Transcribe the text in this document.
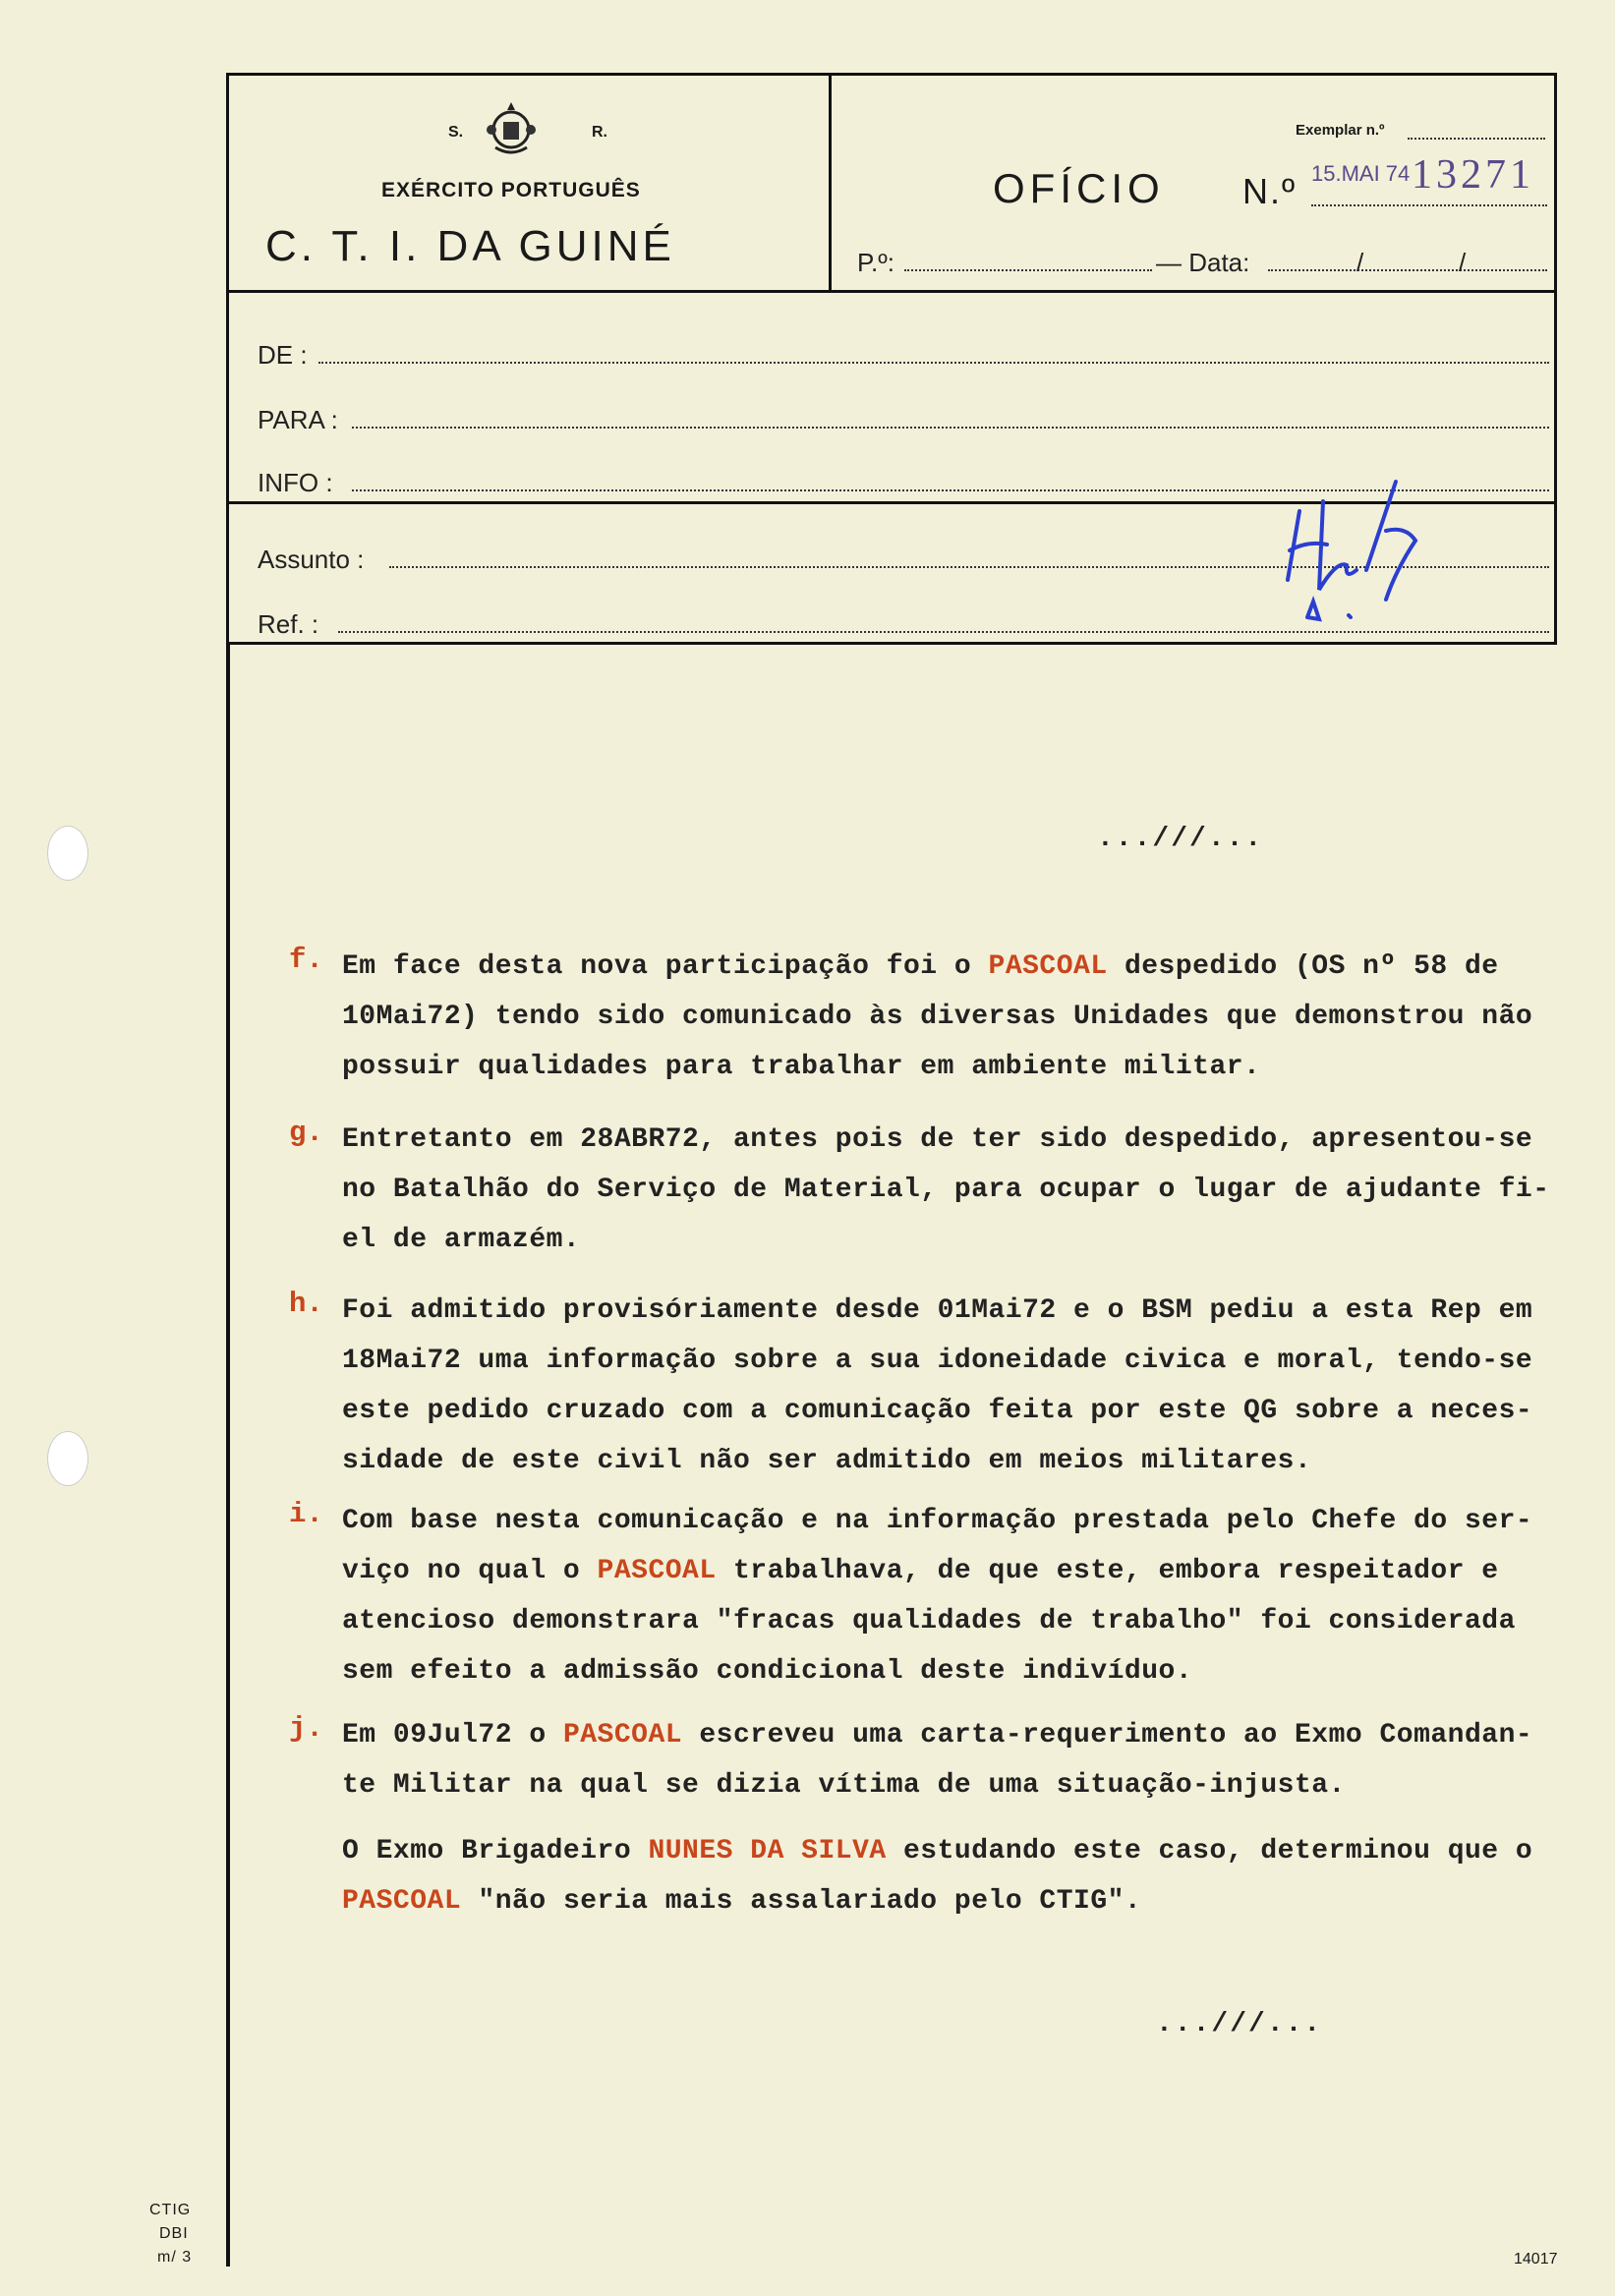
S.	R.
EXÉRCITO PORTUGUÊS
C. T. I. DA GUINÉ
Exemplar n.º
OFÍCIO N.º 15.MAI 74 13271
P.º:	— Data:	/	/
DE :
PARA :
INFO :
Assunto :
Ref. :
...///...
f. Em face desta nova participação foi o PASCOAL despedido (OS nº 58 de
10Mai72) tendo sido comunicado às diversas Unidades que demonstrou não
possuir qualidades para trabalhar em ambiente militar.
g. Entretanto em 28ABR72, antes pois de ter sido despedido, apresentou-se
no Batalhão do Serviço de Material, para ocupar o lugar de ajudante fi-
el de armazém.
h. Foi admitido provisóriamente desde 01Mai72 e o BSM pediu a esta Rep em
18Mai72 uma informação sobre a sua idoneidade civica e moral, tendo-se
este pedido cruzado com a comunicação feita por este QG sobre a neces-
sidade de este civil não ser admitido em meios militares.
i. Com base nesta comunicação e na informação prestada pelo Chefe do ser-
viço no qual o PASCOAL trabalhava, de que este, embora respeitador e
atencioso demonstrara "fracas qualidades de trabalho" foi considerada
sem efeito a admissão condicional deste indivíduo.
j. Em 09Jul72 o PASCOAL escreveu uma carta-requerimento ao Exmo Comandan-
te Militar na qual se dizia vítima de uma situação-injusta.
O Exmo Brigadeiro NUNES DA SILVA estudando este caso, determinou que o
PASCOAL "não seria mais assalariado pelo CTIG".
...///...
CTIG
DBI
m/ 3	14017
